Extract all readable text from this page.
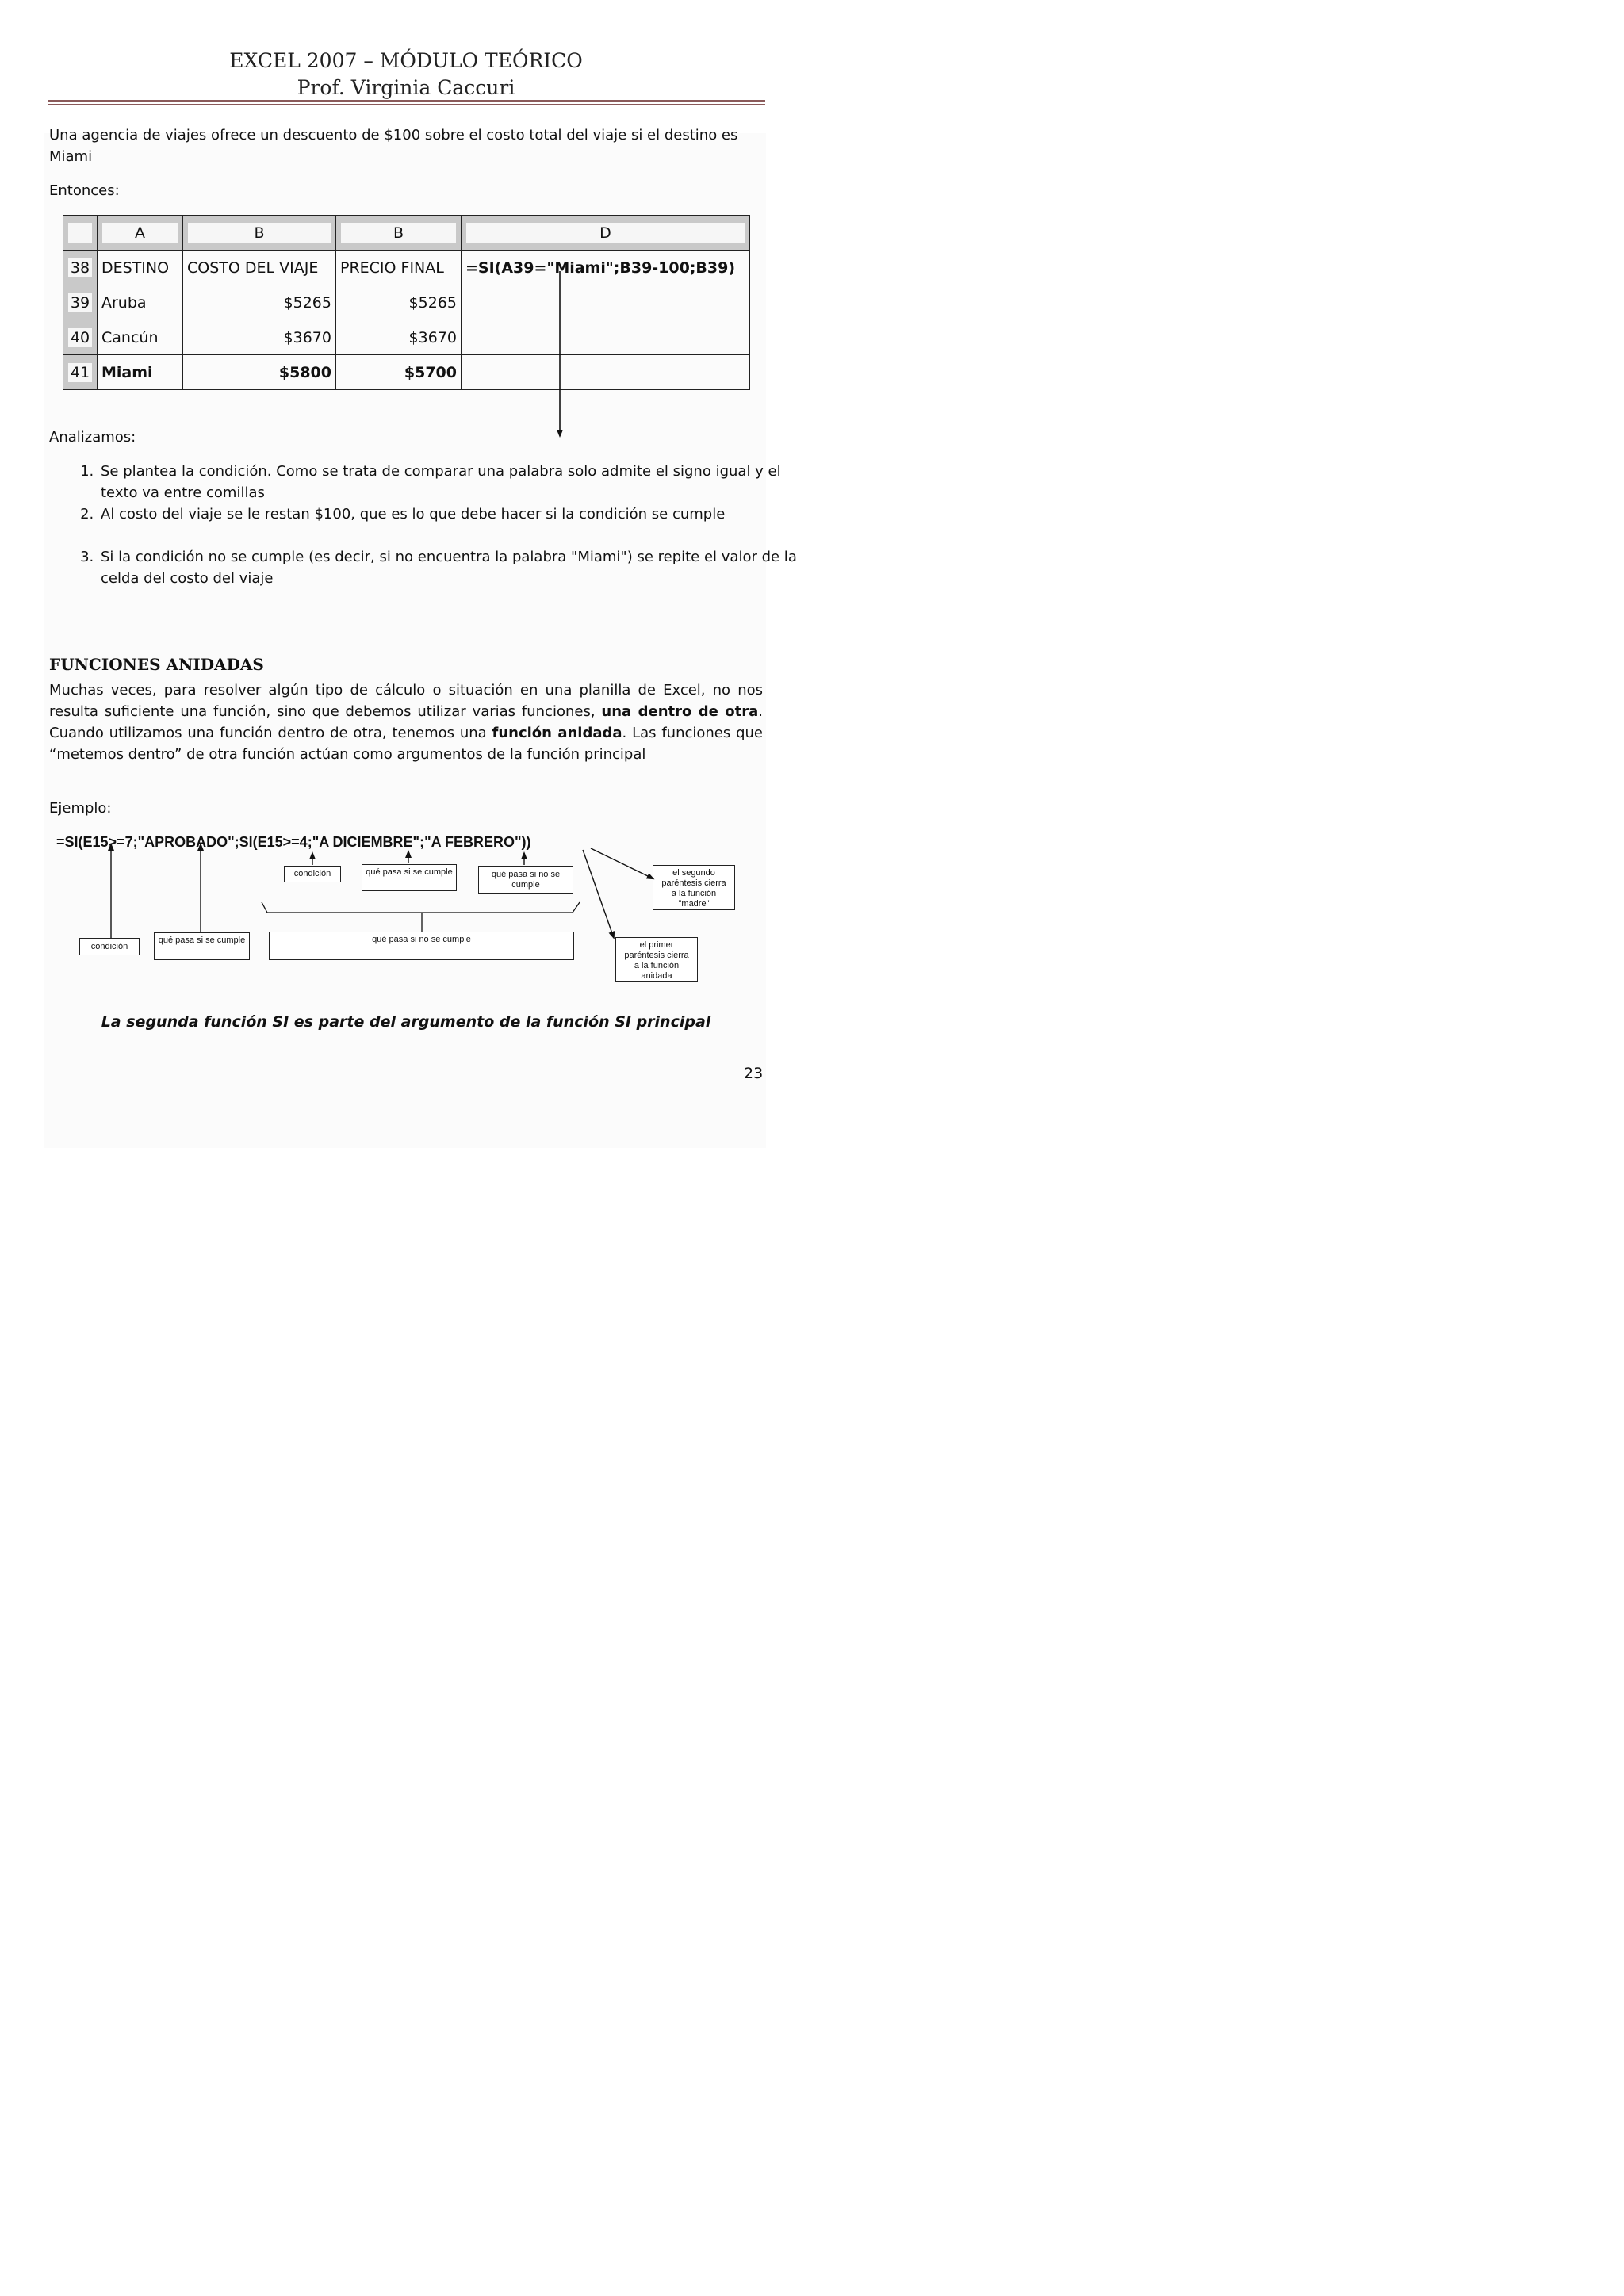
EXCEL 2007 – MÓDULO TEÓRICO
Prof. Virginia Caccuri
Una agencia de viajes ofrece un descuento de $100 sobre el costo total del viaje si el destino es Miami
Entonces:

	A	B	B	D

38	DESTINO	COSTO DEL VIAJE	PRECIO FINAL	=SI(A39="Miami";B39-100;B39)
39	Aruba	$5265	$5265	
40	Cancún	$3670	$3670	
41	Miami	$5800	$5700	
Analizamos:
1. Se plantea la condición. Como se trata de comparar una palabra solo admite el signo igual y el texto va entre comillas
2. Al costo del viaje se le restan $100, que es lo que debe hacer si la condición se cumple
3. Si la condición no se cumple (es decir, si no encuentra la palabra "Miami") se repite el valor de la celda del costo del viaje
FUNCIONES ANIDADAS
Muchas veces, para resolver algún tipo de cálculo o situación en una planilla de Excel, no nos resulta suficiente una función, sino que debemos utilizar varias funciones, una dentro de otra. Cuando utilizamos una función dentro de otra, tenemos una función anidada. Las funciones que “metemos dentro” de otra función actúan como argumentos de la función principal
Ejemplo:
=SI(E15>=7;"APROBADO";SI(E15>=4;"A DICIEMBRE";"A FEBRERO"))
condición	qué pasa si se cumple	qué pasa si no se cumple
el segundo paréntesis cierra a la función "madre"
condición
qué pasa si se cumple	qué pasa si no se cumple
el primer paréntesis cierra a la función anidada
La segunda función SI es parte del argumento de la función SI principal
23
